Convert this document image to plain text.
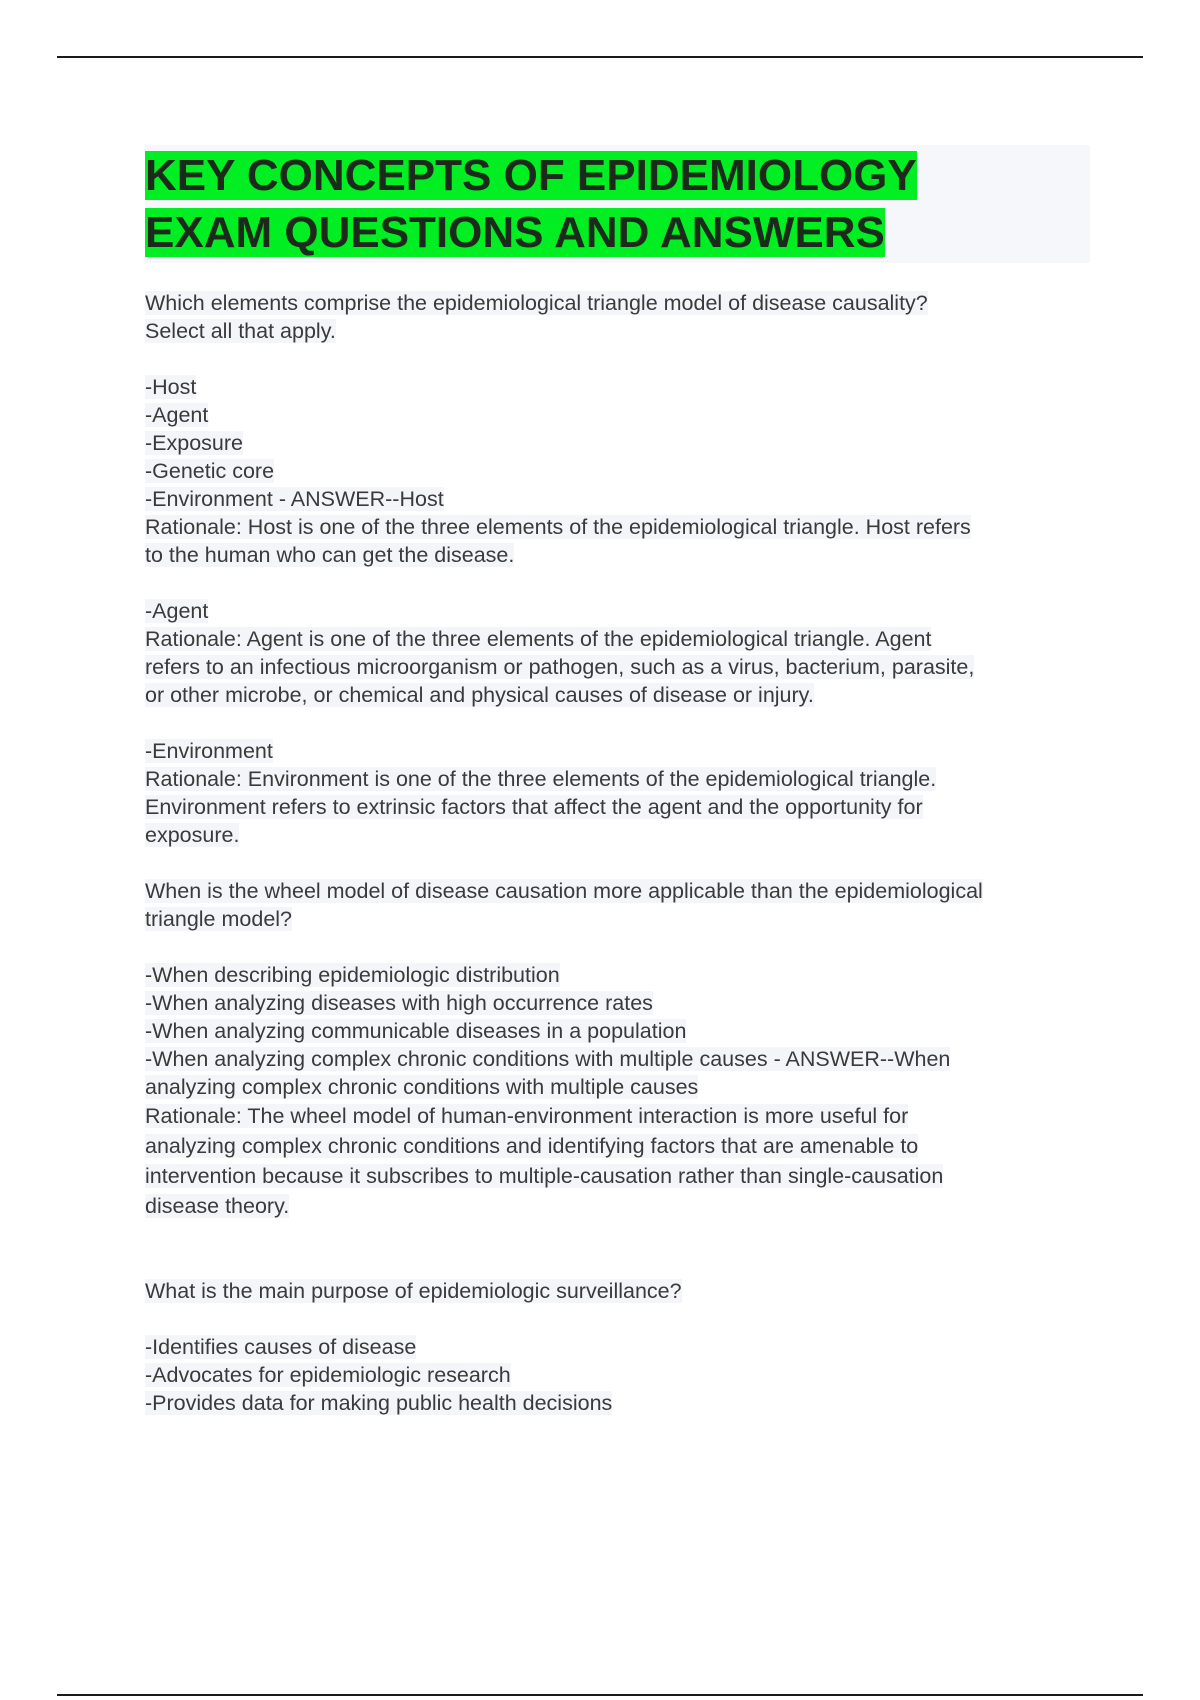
KEY CONCEPTS OF EPIDEMIOLOGY
EXAM QUESTIONS AND ANSWERS
Which elements comprise the epidemiological triangle model of disease causality?
Select all that apply.
-Host
-Agent
-Exposure
-Genetic core
-Environment - ANSWER--Host
Rationale: Host is one of the three elements of the epidemiological triangle. Host refers
to the human who can get the disease.
-Agent
Rationale: Agent is one of the three elements of the epidemiological triangle. Agent
refers to an infectious microorganism or pathogen, such as a virus, bacterium, parasite,
or other microbe, or chemical and physical causes of disease or injury.
-Environment
Rationale: Environment is one of the three elements of the epidemiological triangle.
Environment refers to extrinsic factors that affect the agent and the opportunity for
exposure.
When is the wheel model of disease causation more applicable than the epidemiological
triangle model?
-When describing epidemiologic distribution
-When analyzing diseases with high occurrence rates
-When analyzing communicable diseases in a population
-When analyzing complex chronic conditions with multiple causes - ANSWER--When
analyzing complex chronic conditions with multiple causes
Rationale: The wheel model of human-environment interaction is more useful for
analyzing complex chronic conditions and identifying factors that are amenable to
intervention because it subscribes to multiple-causation rather than single-causation
disease theory.
What is the main purpose of epidemiologic surveillance?
-Identifies causes of disease
-Advocates for epidemiologic research
-Provides data for making public health decisions
